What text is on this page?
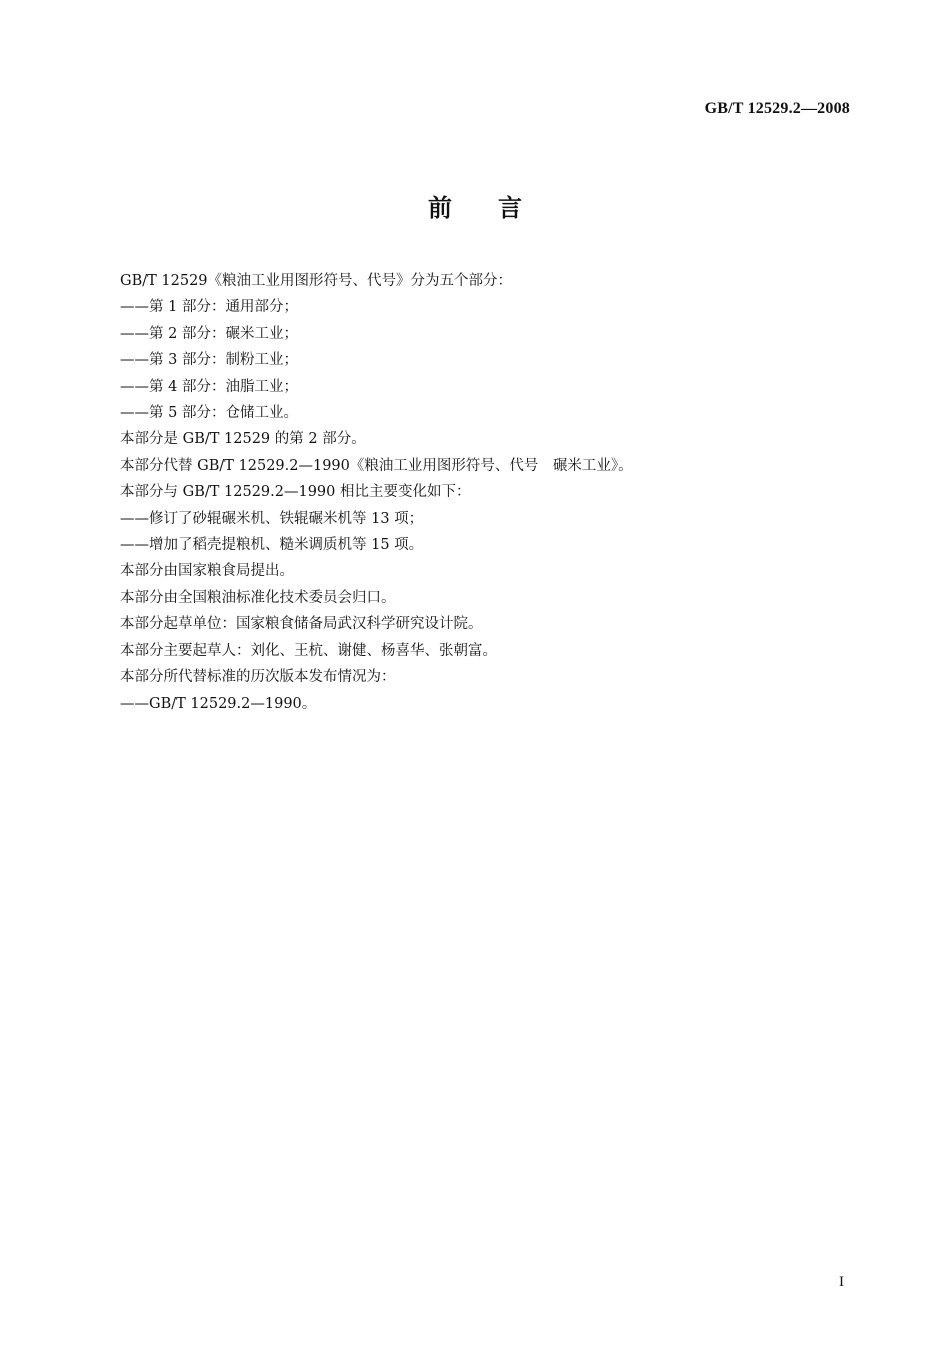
GB/T 12529.2—2008
前言
GB/T 12529《粮油工业用图形符号、代号》分为五个部分：
——第 1 部分：通用部分；
——第 2 部分：碾米工业；
——第 3 部分：制粉工业；
——第 4 部分：油脂工业；
——第 5 部分：仓储工业。
本部分是 GB/T 12529 的第 2 部分。
本部分代替 GB/T 12529.2—1990《粮油工业用图形符号、代号　碾米工业》。
本部分与 GB/T 12529.2—1990 相比主要变化如下：
——修订了砂辊碾米机、铁辊碾米机等 13 项；
——增加了稻壳提粮机、糙米调质机等 15 项。
本部分由国家粮食局提出。
本部分由全国粮油标准化技术委员会归口。
本部分起草单位：国家粮食储备局武汉科学研究设计院。
本部分主要起草人：刘化、王杭、谢健、杨喜华、张朝富。
本部分所代替标准的历次版本发布情况为：
——GB/T 12529.2—1990。
I
